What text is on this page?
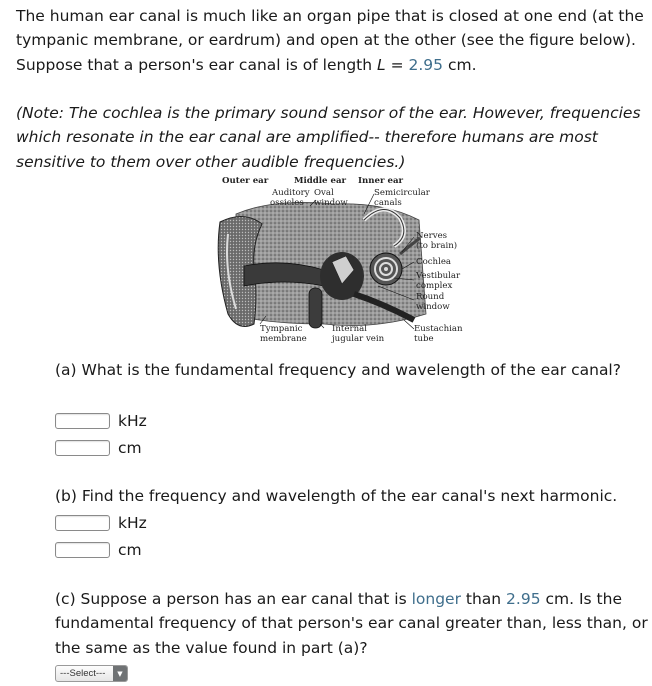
The human ear canal is much like an organ pipe that is closed at one end (at the tympanic membrane, or eardrum) and open at the other (see the figure below). Suppose that a person's ear canal is of length L = 2.95 cm.

(Note: The cochlea is the primary sound sensor of the ear. However, frequencies which resonate in the ear canal are amplified-- therefore humans are most sensitive to them over other audible frequencies.)

Outer ear	Middle ear Inner ear
Auditory
ossicles
Oval
window
Semicircular
canals
Nerves
(to brain)
Cochlea
Vestibular
complex
Round
window
Tympanic
membrane
Internal
jugular vein
Eustachian
tube

(a) What is the fundamental frequency and wavelength of the ear canal?

kHz
cm

(b) Find the frequency and wavelength of the ear canal's next harmonic.

kHz
cm

(c) Suppose a person has an ear canal that is longer than 2.95 cm. Is the fundamental frequency of that person's ear canal greater than, less than, or the same as the value found in part (a)?

---Select---	▼
